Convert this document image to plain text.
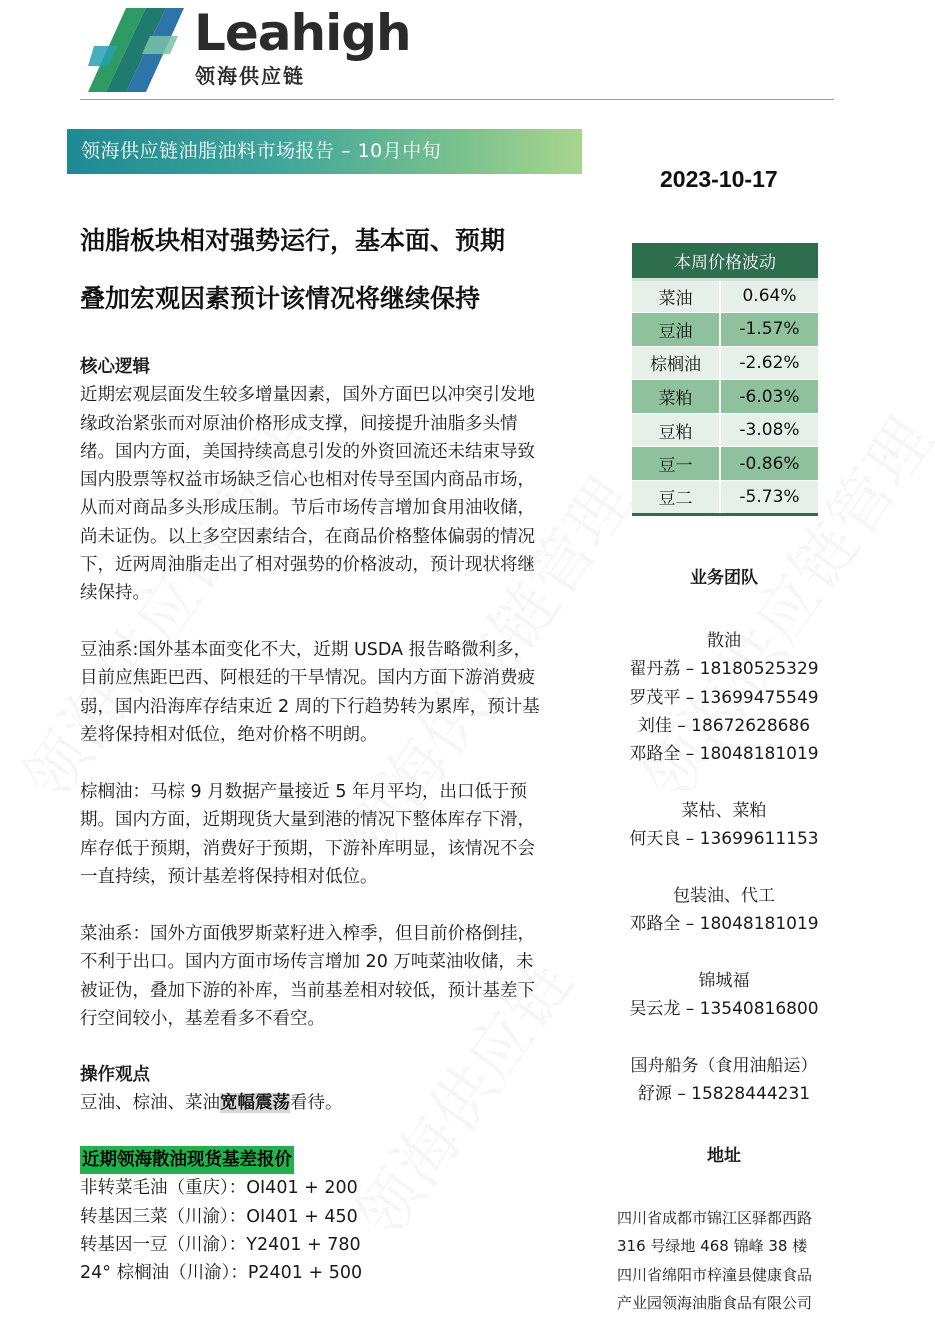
Leahigh
领海供应链
领海供应链油脂油料市场报告 – 10月中旬
2023-10-17
油脂板块相对强势运行，基本面、预期
叠加宏观因素预计该情况将继续保持
核心逻辑
近期宏观层面发生较多增量因素，国外方面巴以冲突引发地缘政治紧张而对原油价格形成支撑，间接提升油脂多头情绪。国内方面，美国持续高息引发的外资回流还未结束导致国内股票等权益市场缺乏信心也相对传导至国内商品市场，从而对商品多头形成压制。节后市场传言增加食用油收储，尚未证伪。以上多空因素结合，在商品价格整体偏弱的情况下，近两周油脂走出了相对强势的价格波动，预计现状将继续保持。
豆油系:国外基本面变化不大，近期 USDA 报告略微利多，目前应焦距巴西、阿根廷的干旱情况。国内方面下游消费疲弱，国内沿海库存结束近 2 周的下行趋势转为累库，预计基差将保持相对低位，绝对价格不明朗。
棕榈油：马棕 9 月数据产量接近 5 年月平均，出口低于预期。国内方面，近期现货大量到港的情况下整体库存下滑，库存低于预期，消费好于预期，下游补库明显，该情况不会一直持续，预计基差将保持相对低位。
菜油系：国外方面俄罗斯菜籽进入榨季，但目前价格倒挂，不利于出口。国内方面市场传言增加 20 万吨菜油收储，未被证伪，叠加下游的补库，当前基差相对较低，预计基差下行空间较小，基差看多不看空。
操作观点
豆油、棕油、菜油宽幅震荡看待。
近期领海散油现货基差报价
非转菜毛油（重庆）：OI401 + 200
转基因三菜（川渝）：OI401 + 450
转基因一豆（川渝）：Y2401 + 780
24° 棕榈油（川渝）：P2401 + 500
本周价格波动	
菜油	0.64%
豆油	-1.57%
棕榈油	-2.62%
菜粕	-6.03%
豆粕	-3.08%
豆一	-0.86%
豆二	-5.73%
业务团队
散油
翟丹荔 – 18180525329
罗茂平 – 13699475549
刘佳 – 18672628686
邓路全 – 18048181019
菜枯、菜粕
何天良 – 13699611153
包装油、代工
邓路全 – 18048181019
锦城福
吴云龙 – 13540816800
国舟船务（食用油船运）
舒源 – 15828444231
地址
四川省成都市锦江区驿都西路
316 号绿地 468 锦峰 38 楼
四川省绵阳市梓潼县健康食品
产业园领海油脂食品有限公司
